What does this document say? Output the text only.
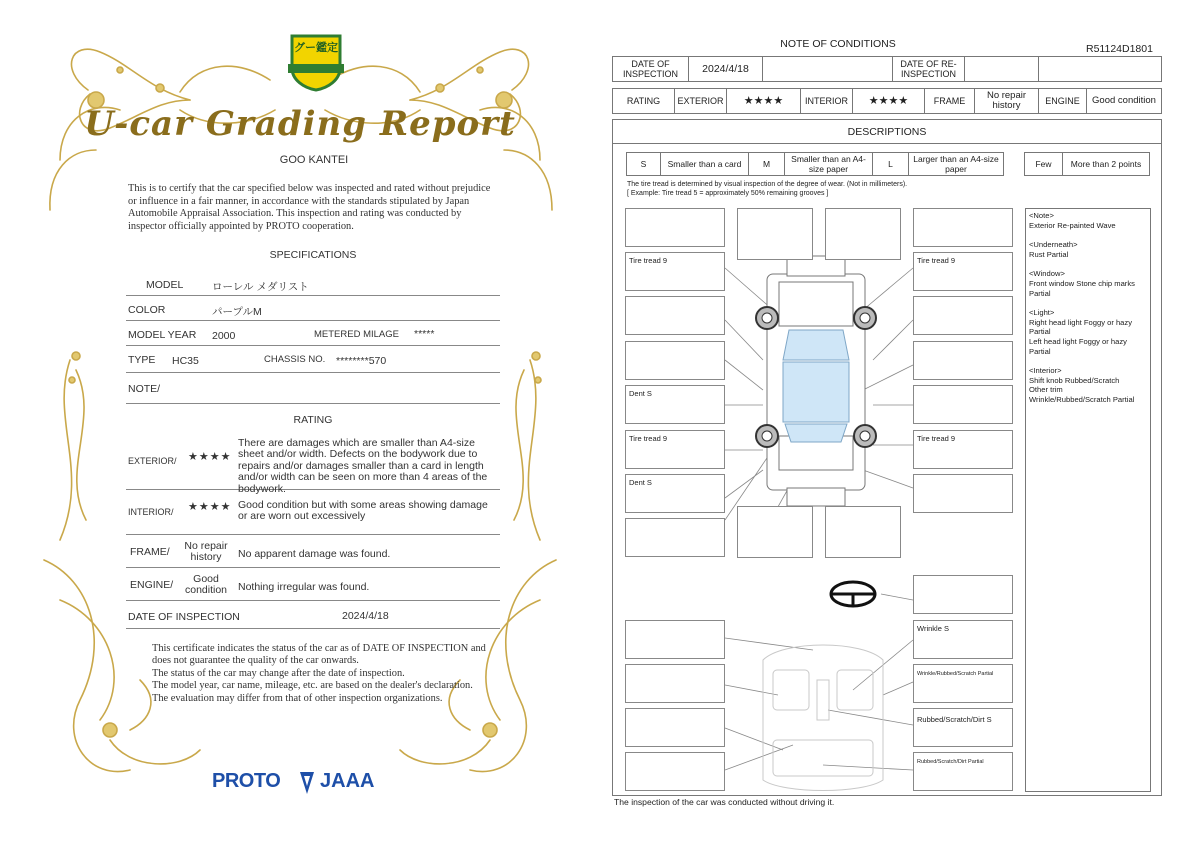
グー鑑定
U-car Grading Report
GOO KANTEI
This is to certify that the car specified below was inspected and rated without prejudice or influence in a fair manner, in accordance with the standards stipulated by Japan Automobile Appraisal Association. This inspection and rating was conducted by inspector officially appointed by PROTO cooperation.
SPECIFICATIONS
MODEL	ローレル メダリスト
COLOR	パープルM
MODEL YEAR 2000	METERED MILAGE *****
TYPE HC35	CHASSIS NO. ********570
NOTE/
RATING
EXTERIOR/ ★★★★
There are damages which are smaller than A4-size sheet and/or width. Defects on the bodywork due to repairs and/or damages smaller than a card in length and/or width can be seen on more than 4 areas of the bodywork.
INTERIOR/ ★★★★ Good condition but with some areas showing damage or are worn out excessively
FRAME/	No repair history	No apparent damage was found.
ENGINE/	Good condition	Nothing irregular was found.
DATE OF INSPECTION	2024/4/18
This certificate indicates the status of the car as of DATE OF INSPECTION and does not guarantee the quality of the car onwards.
The status of the car may change after the date of inspection.
The model year, car name, mileage, etc. are based on the dealer's declaration.
The evaluation may differ from that of other inspection organizations.
PROTO JAAA
NOTE OF CONDITIONS	R51124D1801
DATE OF INSPECTION	2024/4/18		DATE OF RE-INSPECTION		
RATING	EXTERIOR	★★★★	INTERIOR	★★★★	FRAME	No repair history	ENGINE	Good condition
DESCRIPTIONS
S	Smaller than a card	M	Smaller than an A4-size paper	L	Larger than an A4-size paper	Few	More than 2 points
The tire tread is determined by visual inspection of the degree of wear. (Not in millimeters).
[ Example: Tire tread 5 = approximately 50% remaining grooves ]
Tire tread 9	Tire tread 9
Dent S
Tire tread 9	Tire tread 9
Dent S
Wrinkle S
Wrinkle/Rubbed/Scratch Partial
Rubbed/Scratch/Dirt S
Rubbed/Scratch/Dirt Partial

<Note>
Exterior Re-painted Wave

<Underneath>
Rust Partial

<Window>
Front window Stone chip marks Partial

<Light>
Right head light Foggy or hazy Partial
Left head light Foggy or hazy Partial

<Interior>
Shift knob Rubbed/Scratch
Other trim
Wrinkle/Rubbed/Scratch Partial

The inspection of the car was conducted without driving it.
